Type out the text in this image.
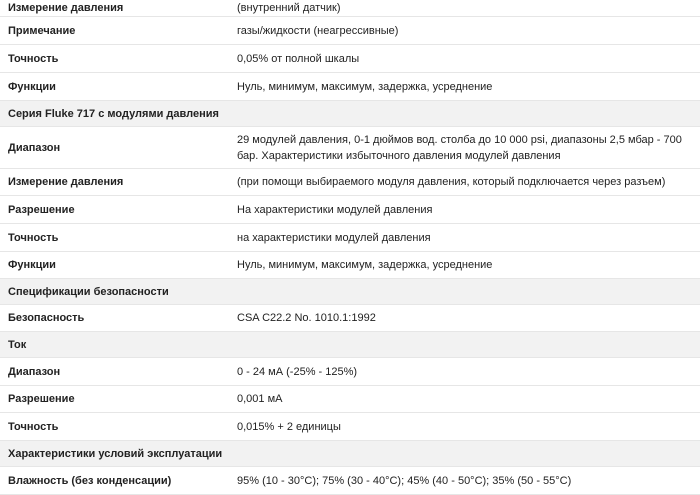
Измерение давления	(внутренний датчик)
Примечание	газы/жидкости (неагрессивные)
Точность	0,05% от полной шкалы
Функции	Нуль, минимум, максимум, задержка, усреднение
Серия Fluke 717 с модулями давления	
Диапазон	29 модулей давления, 0-1 дюймов вод. столба до 10 000 psi, диапазоны 2,5 мбар - 700 бар. Характеристики избыточного давления модулей давления
Измерение давления	(при помощи выбираемого модуля давления, который подключается через разъем)
Разрешение	На характеристики модулей давления
Точность	на характеристики модулей давления
Функции	Нуль, минимум, максимум, задержка, усреднение
Спецификации безопасности	
Безопасность	CSA C22.2 No. 1010.1:1992
Ток	
Диапазон	0 - 24 мА (-25% - 125%)
Разрешение	0,001 мА
Точность	0,015% + 2 единицы
Характеристики условий эксплуатации	
Влажность (без конденсации)	95% (10 - 30°C); 75% (30 - 40°C); 45% (40 - 50°C); 35% (50 - 55°C)
